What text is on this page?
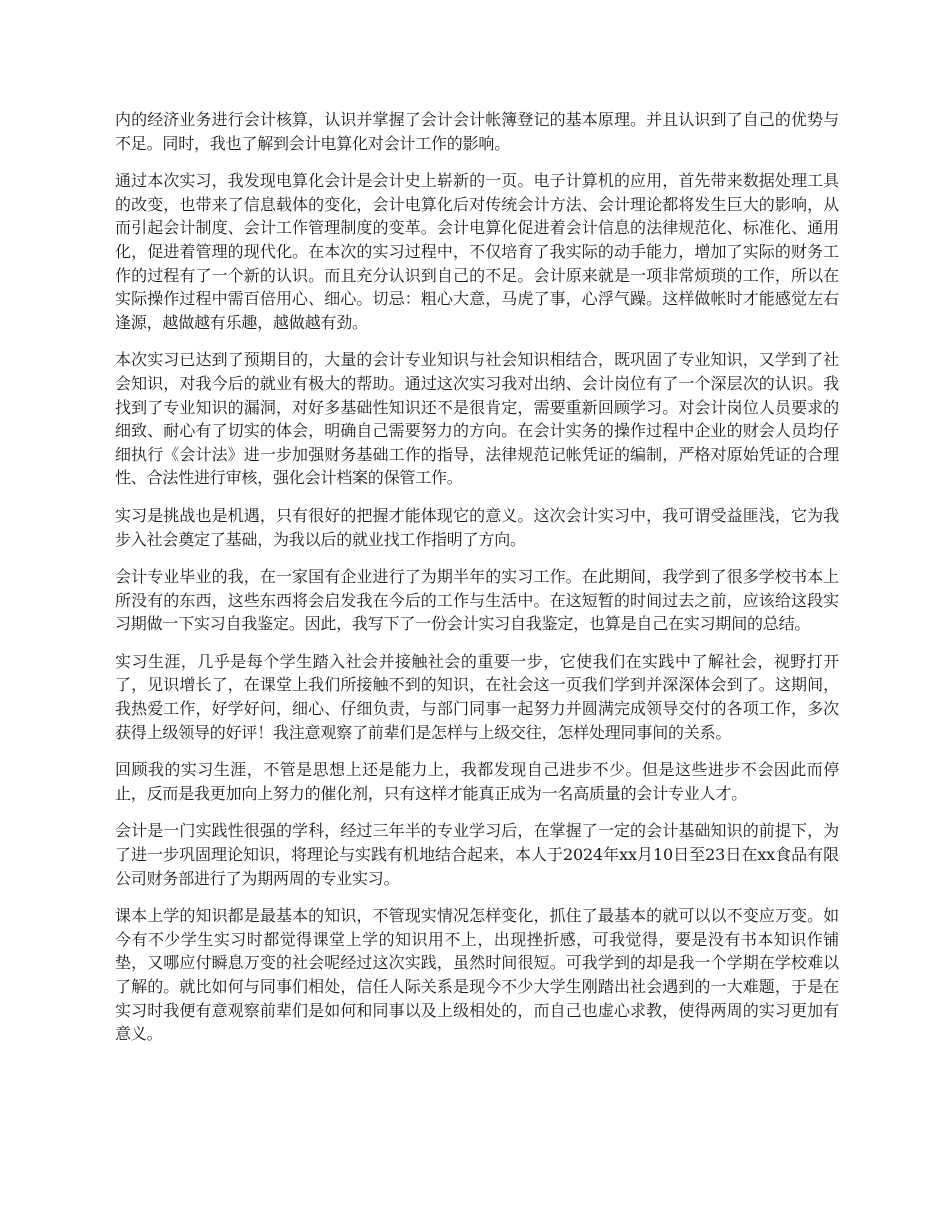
内的经济业务进行会计核算，认识并掌握了会计会计帐簿登记的基本原理。并且认识到了自己的优势与不足。同时，我也了解到会计电算化对会计工作的影响。

通过本次实习，我发现电算化会计是会计史上崭新的一页。电子计算机的应用，首先带来数据处理工具的改变，也带来了信息载体的变化，会计电算化后对传统会计方法、会计理论都将发生巨大的影响，从而引起会计制度、会计工作管理制度的变革。会计电算化促进着会计信息的法律规范化、标准化、通用化，促进着管理的现代化。在本次的实习过程中，不仅培育了我实际的动手能力，增加了实际的财务工作的过程有了一个新的认识。而且充分认识到自己的不足。会计原来就是一项非常烦琐的工作，所以在实际操作过程中需百倍用心、细心。切忌：粗心大意，马虎了事，心浮气躁。这样做帐时才能感觉左右逢源，越做越有乐趣，越做越有劲。

本次实习已达到了预期目的，大量的会计专业知识与社会知识相结合，既巩固了专业知识，又学到了社会知识，对我今后的就业有极大的帮助。通过这次实习我对出纳、会计岗位有了一个深层次的认识。我找到了专业知识的漏洞，对好多基础性知识还不是很肯定，需要重新回顾学习。对会计岗位人员要求的细致、耐心有了切实的体会，明确自己需要努力的方向。在会计实务的操作过程中企业的财会人员均仔细执行《会计法》进一步加强财务基础工作的指导，法律规范记帐凭证的编制，严格对原始凭证的合理性、合法性进行审核，强化会计档案的保管工作。

实习是挑战也是机遇，只有很好的把握才能体现它的意义。这次会计实习中，我可谓受益匪浅，它为我步入社会奠定了基础，为我以后的就业找工作指明了方向。

会计专业毕业的我，在一家国有企业进行了为期半年的实习工作。在此期间，我学到了很多学校书本上所没有的东西，这些东西将会启发我在今后的工作与生活中。在这短暂的时间过去之前，应该给这段实习期做一下实习自我鉴定。因此，我写下了一份会计实习自我鉴定，也算是自己在实习期间的总结。

实习生涯，几乎是每个学生踏入社会并接触社会的重要一步，它使我们在实践中了解社会，视野打开了，见识增长了，在课堂上我们所接触不到的知识，在社会这一页我们学到并深深体会到了。这期间，我热爱工作，好学好问，细心、仔细负责，与部门同事一起努力并圆满完成领导交付的各项工作，多次获得上级领导的好评！我注意观察了前辈们是怎样与上级交往，怎样处理同事间的关系。

回顾我的实习生涯，不管是思想上还是能力上，我都发现自己进步不少。但是这些进步不会因此而停止，反而是我更加向上努力的催化剂，只有这样才能真正成为一名高质量的会计专业人才。

会计是一门实践性很强的学科，经过三年半的专业学习后，在掌握了一定的会计基础知识的前提下，为了进一步巩固理论知识，将理论与实践有机地结合起来，本人于2024年xx月10日至23日在xx食品有限公司财务部进行了为期两周的专业实习。

课本上学的知识都是最基本的知识，不管现实情况怎样变化，抓住了最基本的就可以以不变应万变。如今有不少学生实习时都觉得课堂上学的知识用不上，出现挫折感，可我觉得，要是没有书本知识作铺垫，又哪应付瞬息万变的社会呢经过这次实践，虽然时间很短。可我学到的却是我一个学期在学校难以了解的。就比如何与同事们相处，信任人际关系是现今不少大学生刚踏出社会遇到的一大难题，于是在实习时我便有意观察前辈们是如何和同事以及上级相处的，而自己也虚心求教，使得两周的实习更加有意义。
